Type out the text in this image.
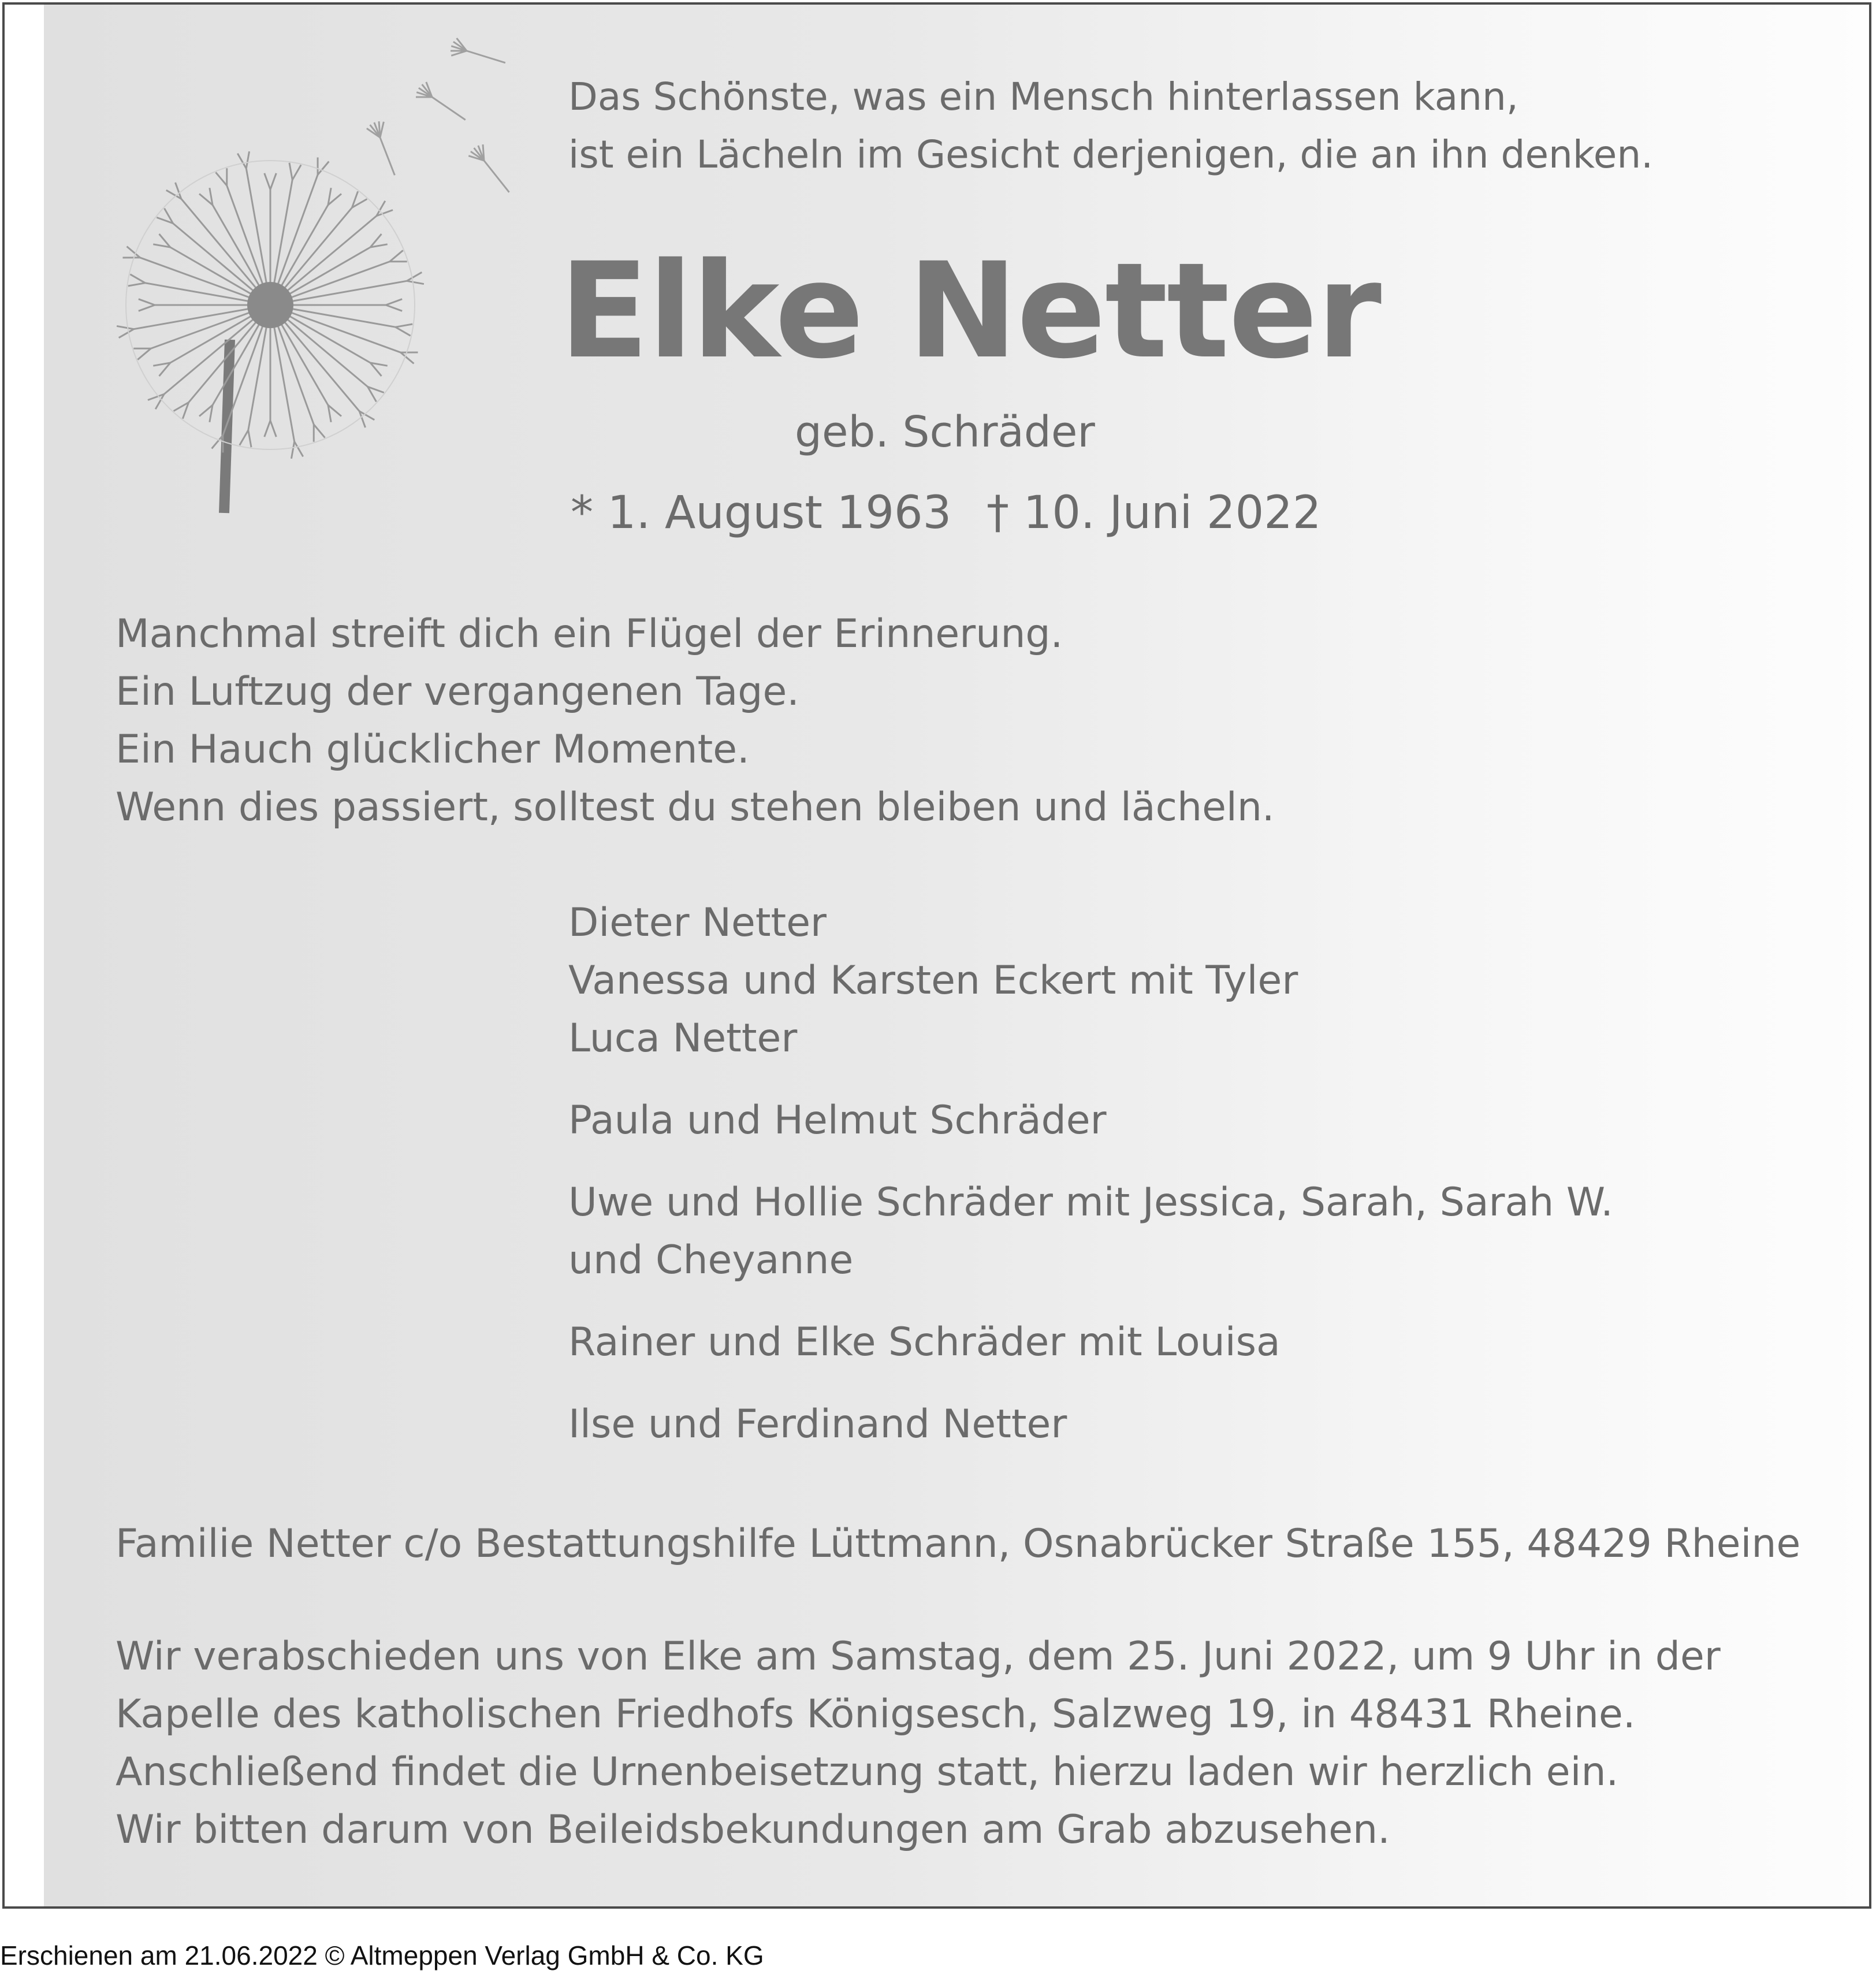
Das Schönste, was ein Mensch hinterlassen kann,
ist ein Lächeln im Gesicht derjenigen, die an ihn denken.

Elke Netter

geb. Schräder

* 1. August 1963 † 10. Juni 2022

Manchmal streift dich ein Flügel der Erinnerung.
Ein Luftzug der vergangenen Tage.
Ein Hauch glücklicher Momente.
Wenn dies passiert, solltest du stehen bleiben und lächeln.

Dieter Netter
Vanessa und Karsten Eckert mit Tyler
Luca Netter

Paula und Helmut Schräder

Uwe und Hollie Schräder mit Jessica, Sarah, Sarah W.
und Cheyanne

Rainer und Elke Schräder mit Louisa

Ilse und Ferdinand Netter

Familie Netter c/o Bestattungshilfe Lüttmann, Osnabrücker Straße 155, 48429 Rheine

Wir verabschieden uns von Elke am Samstag, dem 25. Juni 2022, um 9 Uhr in der
Kapelle des katholischen Friedhofs Königsesch, Salzweg 19, in 48431 Rheine.
Anschließend findet die Urnenbeisetzung statt, hierzu laden wir herzlich ein.
Wir bitten darum von Beileidsbekundungen am Grab abzusehen.

Erschienen am 21.06.2022 © Altmeppen Verlag GmbH & Co. KG
